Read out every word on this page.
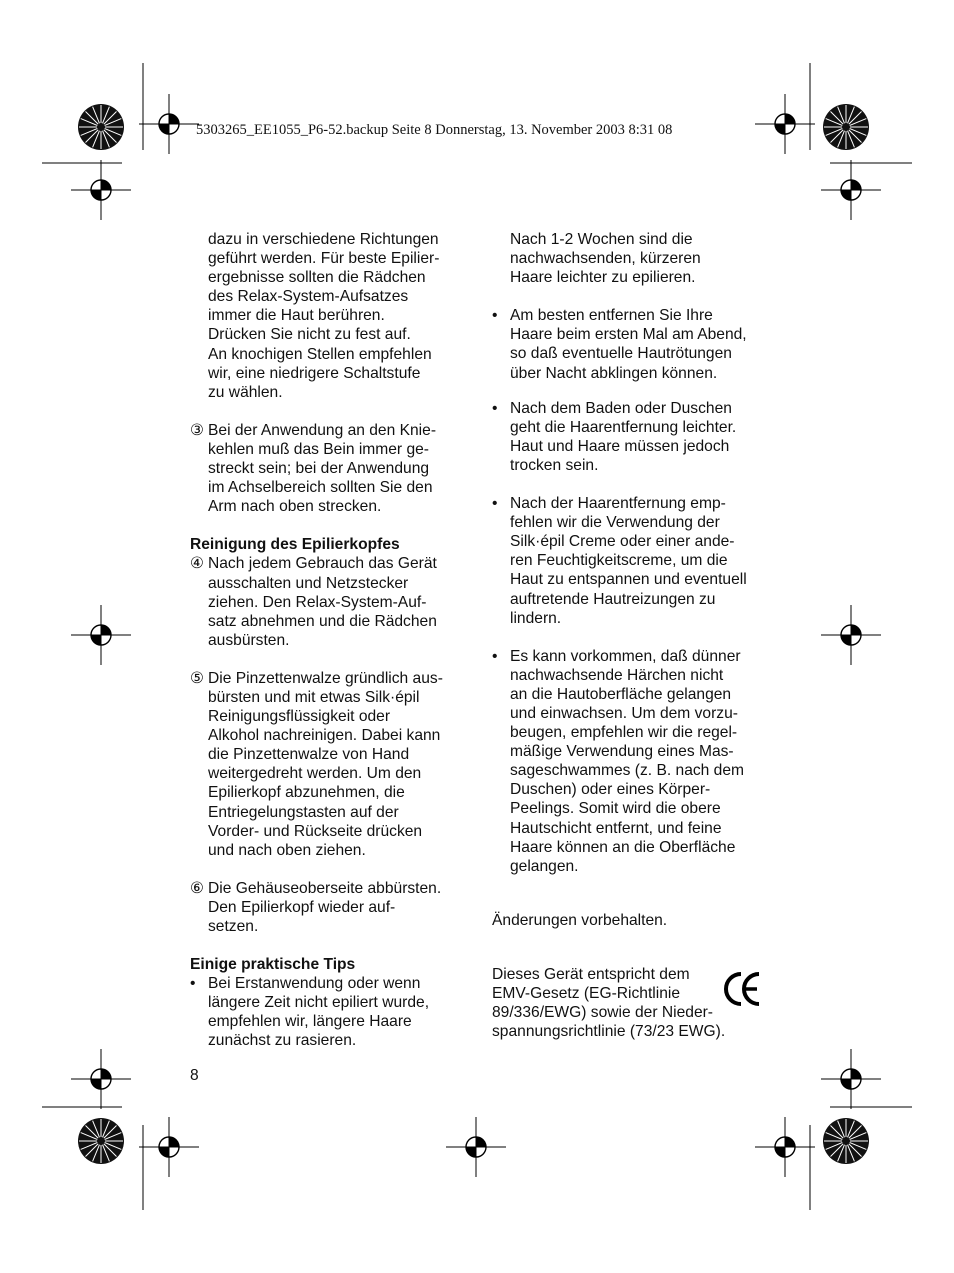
5303265_EE1055_P6-52.backup Seite 8 Donnerstag, 13. November 2003 8:31 08
dazu in verschiedene Richtungen
geführt werden. Für beste Epilier-
ergebnisse sollten die Rädchen
des Relax-System-Aufsatzes
immer die Haut berühren.
Drücken Sie nicht zu fest auf.
An knochigen Stellen empfehlen
wir, eine niedrigere Schaltstufe
zu wählen.
③ Bei der Anwendung an den Knie-
kehlen muß das Bein immer ge-
streckt sein; bei der Anwendung
im Achselbereich sollten Sie den
Arm nach oben strecken.

Reinigung des Epilierkopfes

④ Nach jedem Gebrauch das Gerät
ausschalten und Netzstecker
ziehen. Den Relax-System-Auf-
satz abnehmen und die Rädchen
ausbürsten.
⑤ Die Pinzettenwalze gründlich aus-
bürsten und mit etwas Silk·épil
Reinigungsflüssigkeit oder
Alkohol nachreinigen. Dabei kann
die Pinzettenwalze von Hand
weitergedreht werden. Um den
Epilierkopf abzunehmen, die
Entriegelungstasten auf der
Vorder- und Rückseite drücken
und nach oben ziehen.
⑥ Die Gehäuseoberseite abbürsten.
Den Epilierkopf wieder auf-
setzen.

Einige praktische Tips

• Bei Erstanwendung oder wenn
längere Zeit nicht epiliert wurde,
empfehlen wir, längere Haare
zunächst zu rasieren.
Nach 1-2 Wochen sind die
nachwachsenden, kürzeren
Haare leichter zu epilieren.
• Am besten entfernen Sie Ihre
Haare beim ersten Mal am Abend,
so daß eventuelle Hautrötungen
über Nacht abklingen können.
• Nach dem Baden oder Duschen
geht die Haarentfernung leichter.
Haut und Haare müssen jedoch
trocken sein.
• Nach der Haarentfernung emp-
fehlen wir die Verwendung der
Silk·épil Creme oder einer ande-
ren Feuchtigkeitscreme, um die
Haut zu entspannen und eventuell
auftretende Hautreizungen zu
lindern.
• Es kann vorkommen, daß dünner
nachwachsende Härchen nicht
an die Hautoberfläche gelangen
und einwachsen. Um dem vorzu-
beugen, empfehlen wir die regel-
mäßige Verwendung eines Mas-
sageschwammes (z. B. nach dem
Duschen) oder eines Körper-
Peelings. Somit wird die obere
Hautschicht entfernt, und feine
Haare können an die Oberfläche
gelangen.

Änderungen vorbehalten.

Dieses Gerät entspricht dem
EMV-Gesetz (EG-Richtlinie
89/336/EWG) sowie der Nieder-
spannungsrichtlinie (73/23 EWG).
8
